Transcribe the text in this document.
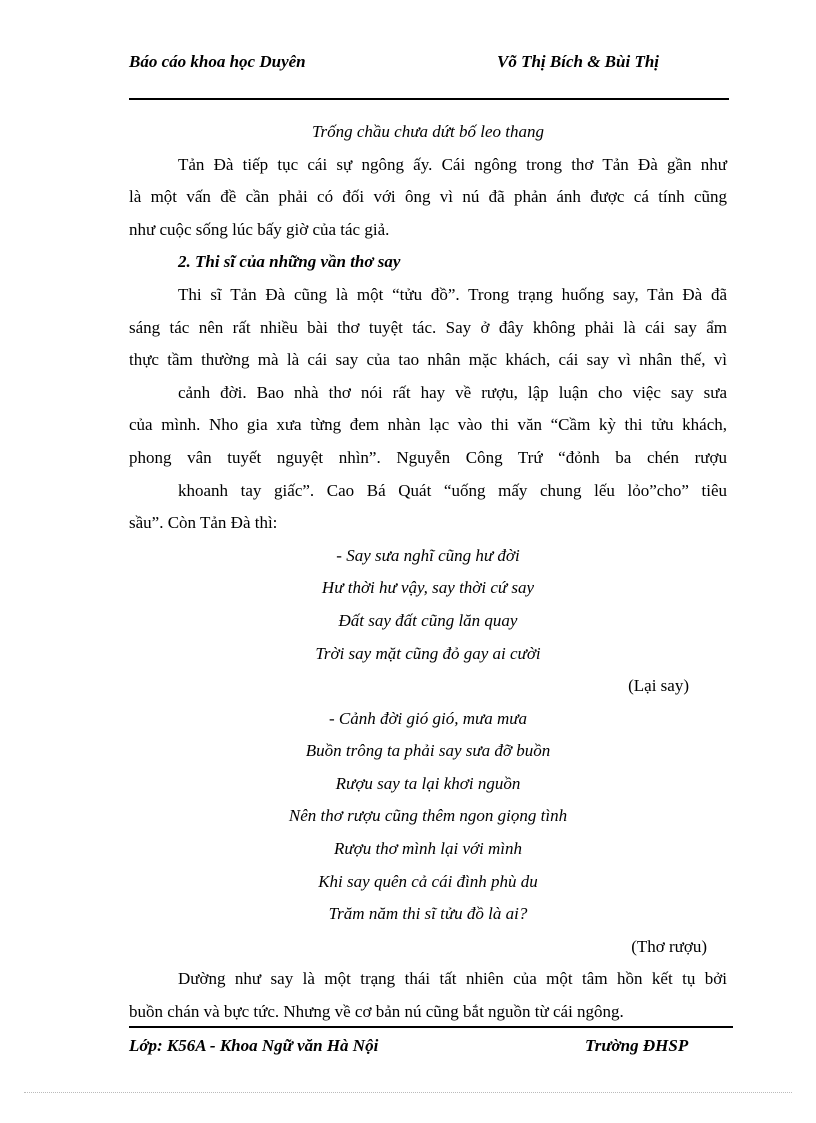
Báo cáo khoa học Duyên	Võ Thị Bích & Bùi Thị

Trống chầu chưa dứt bố leo thang

Tản Đà tiếp tục cái sự ngông ấy. Cái ngông trong thơ Tản Đà gần như

là một vấn đề cần phải có đối với ông vì nú đã phản ánh được cá tính cũng

như cuộc sống lúc bấy giờ của tác giả.

2. Thi sĩ của những vần thơ say

Thi sĩ Tản Đà cũng là một “tửu đồ”. Trong trạng huống say, Tản Đà đã

sáng tác nên rất nhiều bài thơ tuyệt tác. Say ở đây không phải là cái say ẩm

thực tầm thường mà là cái say của tao nhân mặc khách, cái say vì nhân thế, vì

cảnh đời. Bao nhà thơ nói rất hay về rượu, lập luận cho việc say sưa

của mình. Nho gia xưa từng đem nhàn lạc vào thi văn “Cầm kỳ thi tửu khách,

phong vân tuyết nguyệt nhìn”. Nguyễn Công Trứ “đỏnh ba chén rượu

khoanh tay giấc”. Cao Bá Quát “uống mấy chung lếu lỏo”cho” tiêu

sầu”. Còn Tản Đà thì:

- Say sưa nghĩ cũng hư đời

Hư thời hư vậy, say thời cứ say

Đất say đất cũng lăn quay

Trời say mặt cũng đỏ gay ai cười

(Lại say)

- Cảnh đời gió gió, mưa mưa

Buồn trông ta phải say sưa đỡ buồn

Rượu say ta lại khơi nguồn

Nên thơ rượu cũng thêm ngon giọng tình

Rượu thơ mình lại với mình

Khi say quên cả cái đình phù du

Trăm năm thi sĩ tửu đồ là ai?

(Thơ rượu)

Dường như say là một trạng thái tất nhiên của một tâm hồn kết tụ bởi

buồn chán và bực tức. Nhưng về cơ bản nú cũng bắt nguồn từ cái ngông.

Lớp: K56A - Khoa Ngữ văn Hà Nội	Trường ĐHSP
